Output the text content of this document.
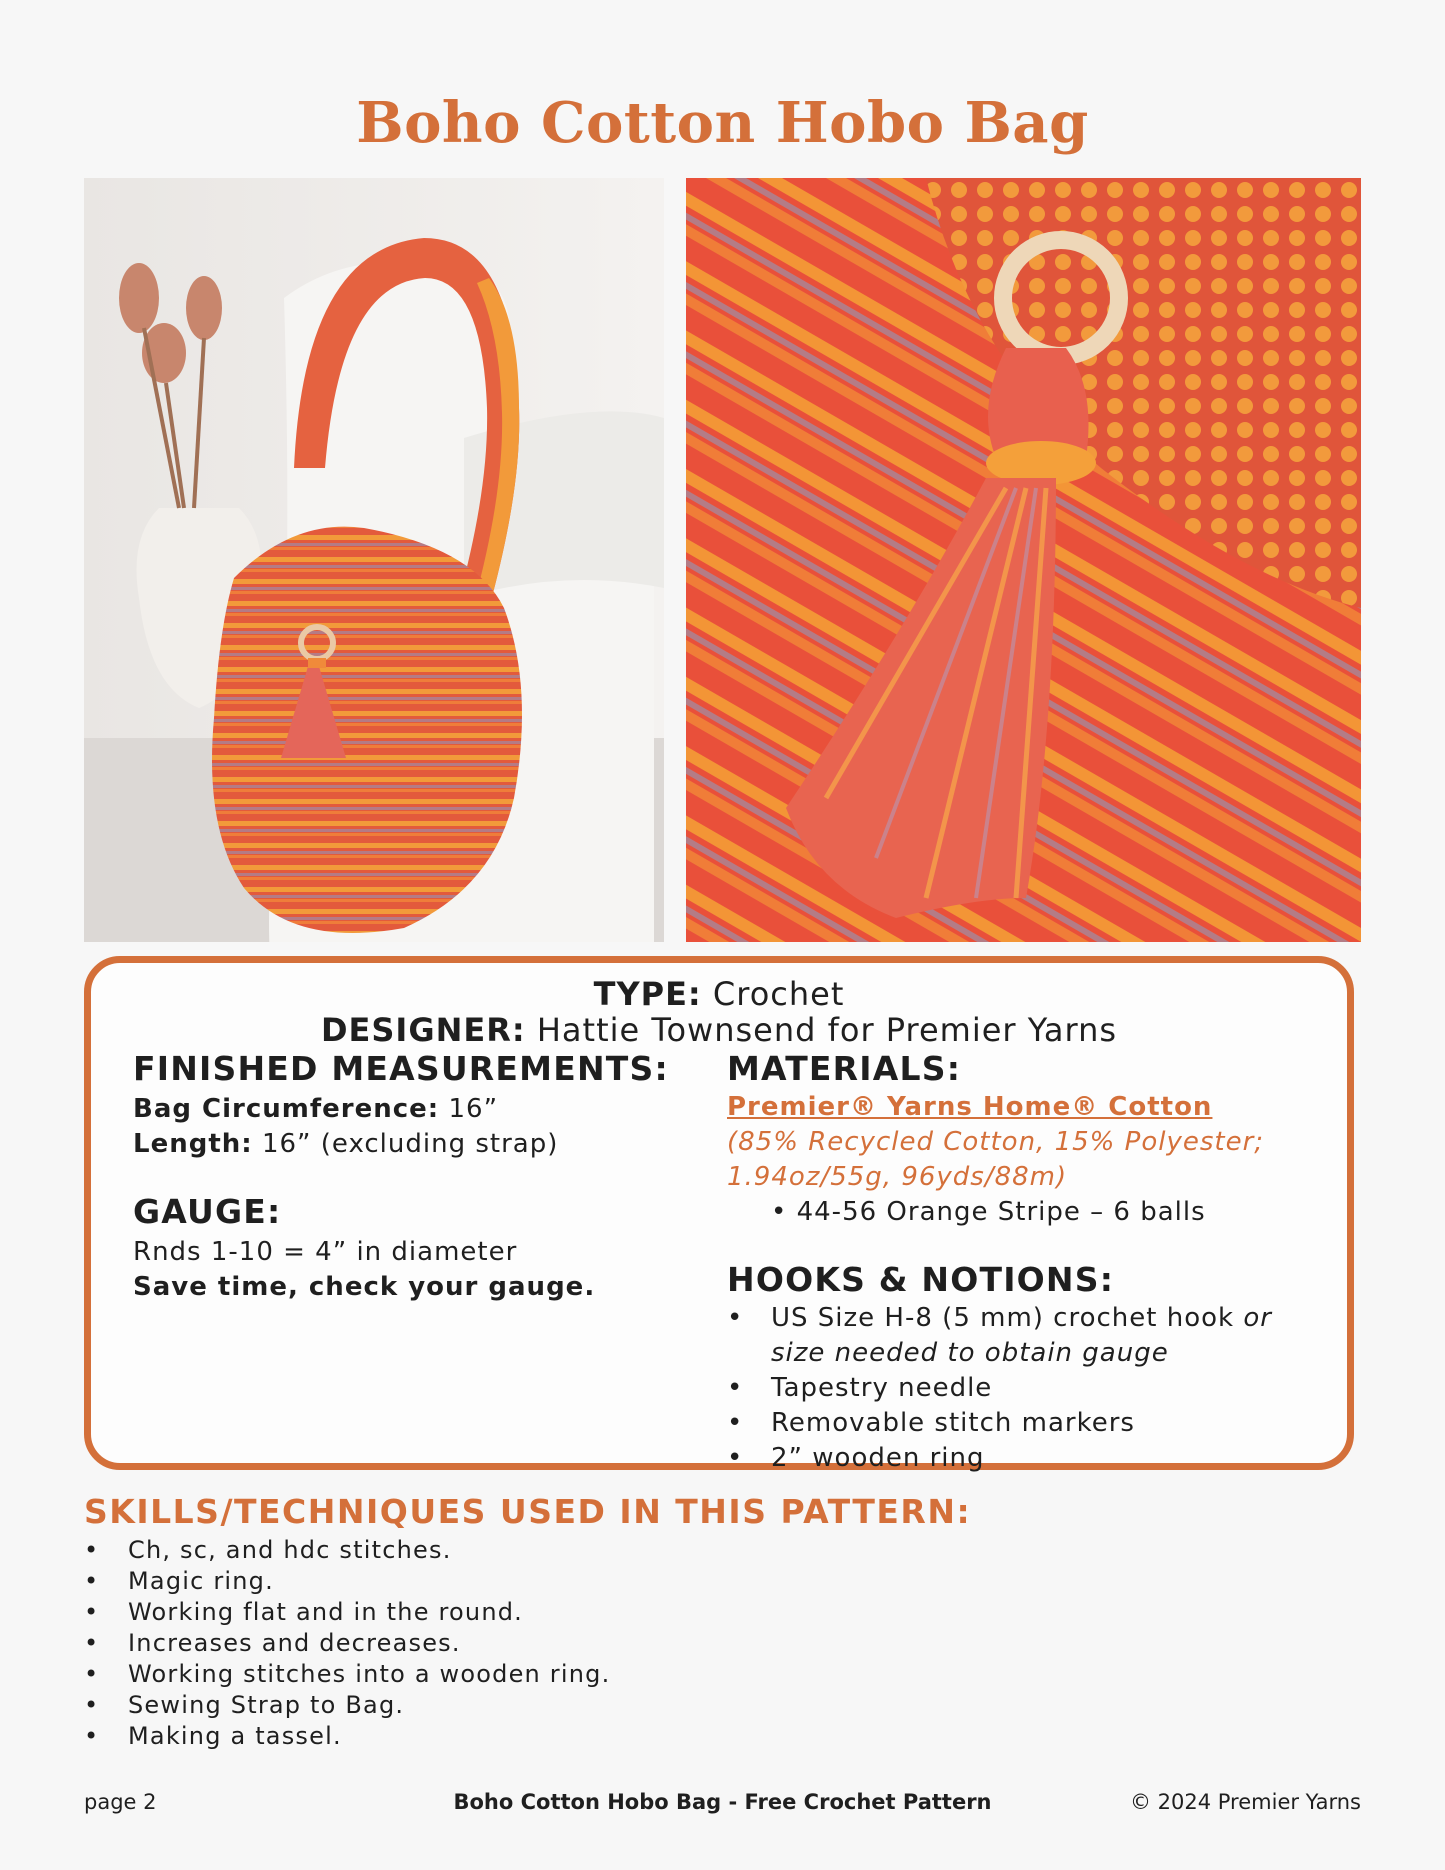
Boho Cotton Hobo Bag
TYPE: Crochet
DESIGNER: Hattie Townsend for Premier Yarns
FINISHED MEASUREMENTS:
Bag Circumference: 16”
Length: 16” (excluding strap)
GAUGE:
Rnds 1-10 = 4” in diameter
Save time, check your gauge.
MATERIALS:
Premier® Yarns Home® Cotton
(85% Recycled Cotton, 15% Polyester;
1.94oz/55g, 96yds/88m)
• 44-56 Orange Stripe – 6 balls
HOOKS & NOTIONS:
• US Size H-8 (5 mm) crochet hook or
size needed to obtain gauge
• Tapestry needle
• Removable stitch markers
• 2” wooden ring
SKILLS/TECHNIQUES USED IN THIS PATTERN:
• Ch, sc, and hdc stitches.
• Magic ring.
• Working flat and in the round.
• Increases and decreases.
• Working stitches into a wooden ring.
• Sewing Strap to Bag.
• Making a tassel.
page 2	Boho Cotton Hobo Bag - Free Crochet Pattern	© 2024 Premier Yarns
